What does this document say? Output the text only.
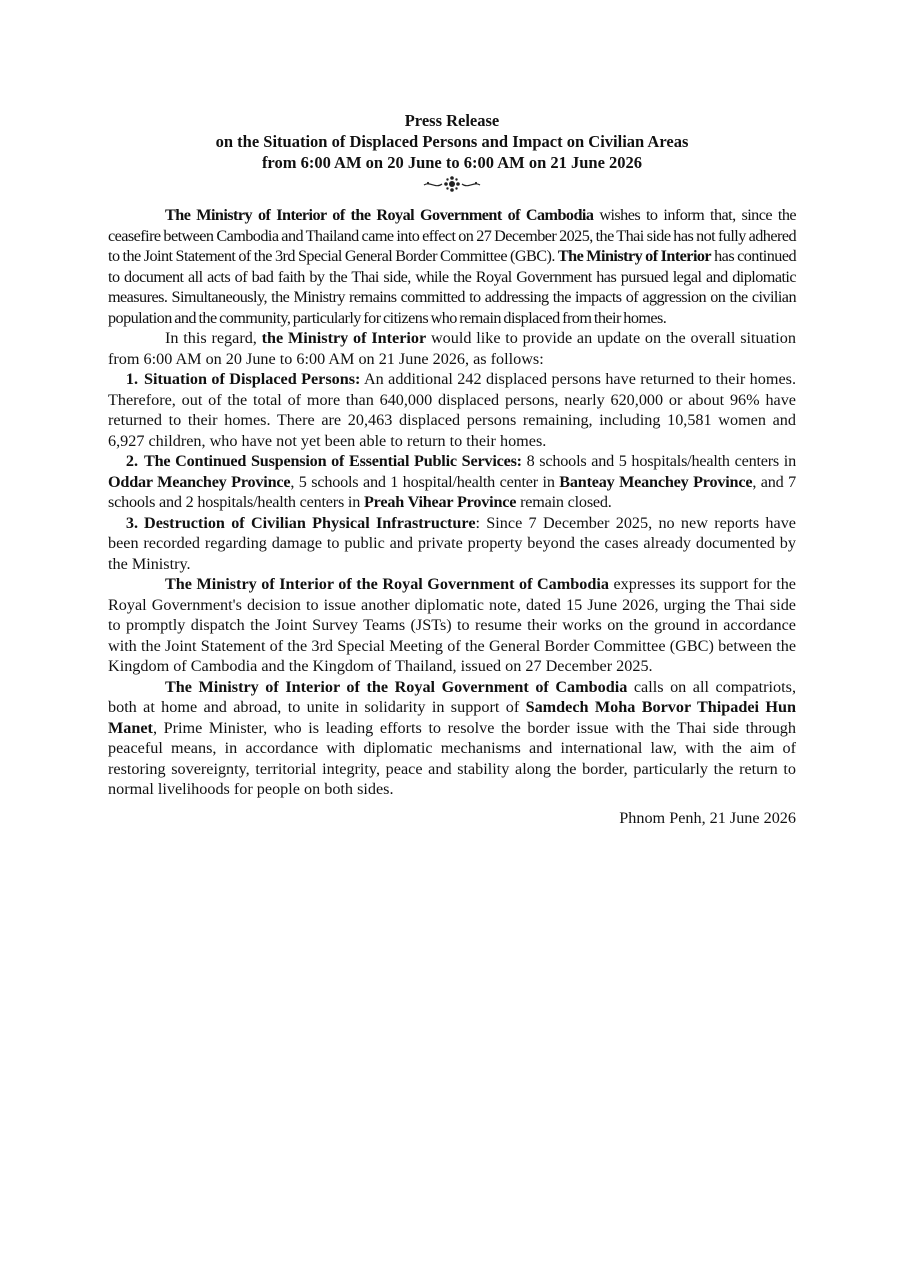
Press Release
on the Situation of Displaced Persons and Impact on Civilian Areas
from 6:00 AM on 20 June to 6:00 AM on 21 June 2026

The Ministry of Interior of the Royal Government of Cambodia wishes to inform that, since the ceasefire between Cambodia and Thailand came into effect on 27 December 2025, the Thai side has not fully adhered to the Joint Statement of the 3rd Special General Border Committee (GBC). The Ministry of Interior has continued to document all acts of bad faith by the Thai side, while the Royal Government has pursued legal and diplomatic measures. Simultaneously, the Ministry remains committed to addressing the impacts of aggression on the civilian population and the community, particularly for citizens who remain displaced from their homes.

In this regard, the Ministry of Interior would like to provide an update on the overall situation from 6:00 AM on 20 June to 6:00 AM on 21 June 2026, as follows:

1. Situation of Displaced Persons: An additional 242 displaced persons have returned to their homes. Therefore, out of the total of more than 640,000 displaced persons, nearly 620,000 or about 96% have returned to their homes. There are 20,463 displaced persons remaining, including 10,581 women and 6,927 children, who have not yet been able to return to their homes.

2. The Continued Suspension of Essential Public Services: 8 schools and 5 hospitals/health centers in Oddar Meanchey Province, 5 schools and 1 hospital/health center in Banteay Meanchey Province, and 7 schools and 2 hospitals/health centers in Preah Vihear Province remain closed.

3. Destruction of Civilian Physical Infrastructure: Since 7 December 2025, no new reports have been recorded regarding damage to public and private property beyond the cases already documented by the Ministry.

The Ministry of Interior of the Royal Government of Cambodia expresses its support for the Royal Government's decision to issue another diplomatic note, dated 15 June 2026, urging the Thai side to promptly dispatch the Joint Survey Teams (JSTs) to resume their works on the ground in accordance with the Joint Statement of the 3rd Special Meeting of the General Border Committee (GBC) between the Kingdom of Cambodia and the Kingdom of Thailand, issued on 27 December 2025.

The Ministry of Interior of the Royal Government of Cambodia calls on all compatriots, both at home and abroad, to unite in solidarity in support of Samdech Moha Borvor Thipadei Hun Manet, Prime Minister, who is leading efforts to resolve the border issue with the Thai side through peaceful means, in accordance with diplomatic mechanisms and international law, with the aim of restoring sovereignty, territorial integrity, peace and stability along the border, particularly the return to normal livelihoods for people on both sides.

Phnom Penh, 21 June 2026
